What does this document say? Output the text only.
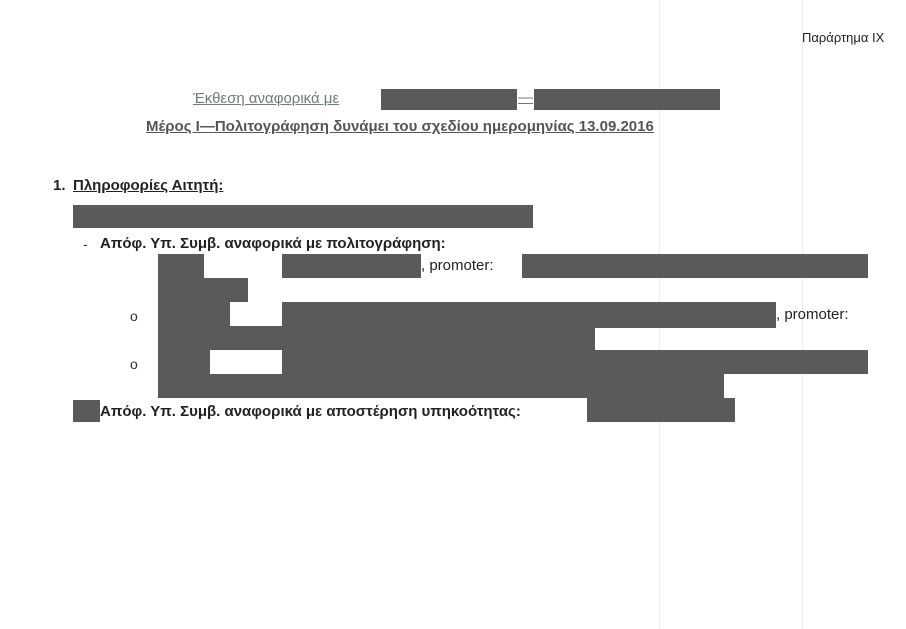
Παράρτημα ΙΧ
Έκθεση αναφορικά με	—
Μέρος Ι—Πολιτογράφηση δυνάμει του σχεδίου ημερομηνίας 13.09.2016
1. Πληροφορίες Αιτητή:
- Απόφ. Υπ. Συμβ. αναφορικά με πολιτογράφηση:
, promoter:
o	, promoter:
o
Απόφ. Υπ. Συμβ. αναφορικά με αποστέρηση υπηκοότητας:
